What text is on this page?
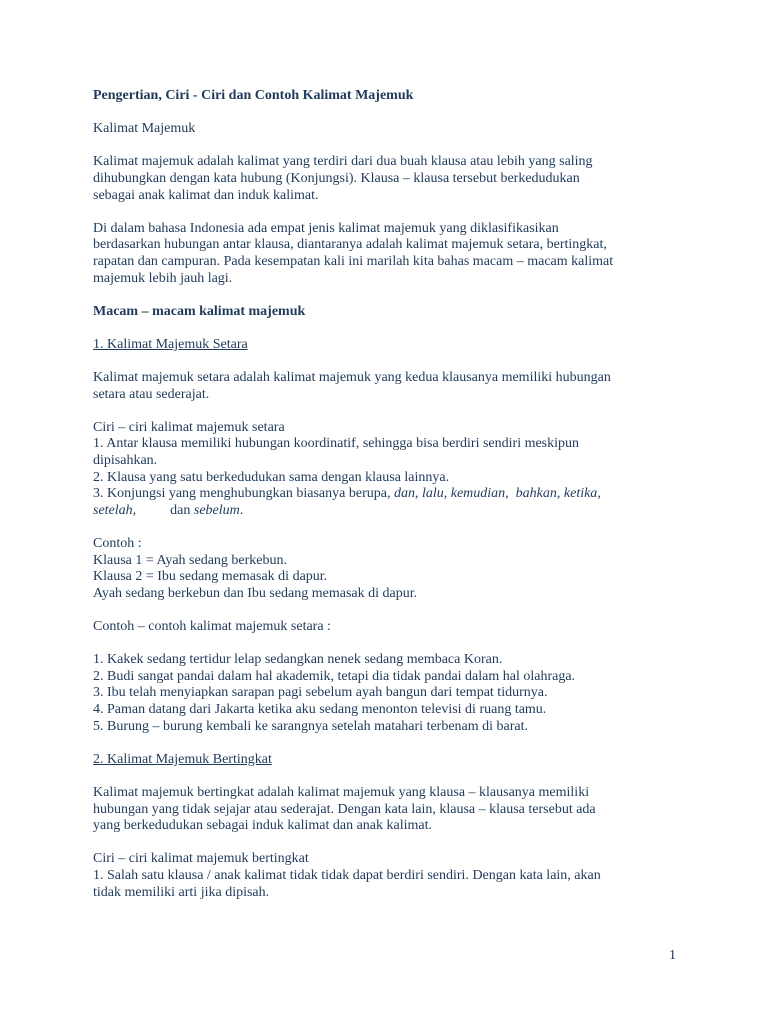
Pengertian, Ciri - Ciri dan Contoh Kalimat Majemuk

Kalimat Majemuk

Kalimat majemuk adalah kalimat yang terdiri dari dua buah klausa atau lebih yang saling

dihubungkan dengan kata hubung (Konjungsi). Klausa – klausa tersebut berkedudukan

sebagai anak kalimat dan induk kalimat.

Di dalam bahasa Indonesia ada empat jenis kalimat majemuk yang diklasifikasikan

berdasarkan hubungan antar klausa, diantaranya adalah kalimat majemuk setara, bertingkat,

rapatan dan campuran. Pada kesempatan kali ini marilah kita bahas macam – macam kalimat

majemuk lebih jauh lagi.

Macam – macam kalimat majemuk

1. Kalimat Majemuk Setara

Kalimat majemuk setara adalah kalimat majemuk yang kedua klausanya memiliki hubungan

setara atau sederajat.

Ciri – ciri kalimat majemuk setara

1. Antar klausa memiliki hubungan koordinatif, sehingga bisa berdiri sendiri meskipun

dipisahkan.

2. Klausa yang satu berkedudukan sama dengan klausa lainnya.

3. Konjungsi yang menghubungkan biasanya berupa, dan, lalu, kemudian,  bahkan, ketika,

setelah, dan sebelum.

Contoh :

Klausa 1 = Ayah sedang berkebun.

Klausa 2 = Ibu sedang memasak di dapur.

Ayah sedang berkebun dan Ibu sedang memasak di dapur.

Contoh – contoh kalimat majemuk setara :

1. Kakek sedang tertidur lelap sedangkan nenek sedang membaca Koran.

2. Budi sangat pandai dalam hal akademik, tetapi dia tidak pandai dalam hal olahraga.

3. Ibu telah menyiapkan sarapan pagi sebelum ayah bangun dari tempat tidurnya.

4. Paman datang dari Jakarta ketika aku sedang menonton televisi di ruang tamu.

5. Burung – burung kembali ke sarangnya setelah matahari terbenam di barat.

2. Kalimat Majemuk Bertingkat

Kalimat majemuk bertingkat adalah kalimat majemuk yang klausa – klausanya memiliki

hubungan yang tidak sejajar atau sederajat. Dengan kata lain, klausa – klausa tersebut ada

yang berkedudukan sebagai induk kalimat dan anak kalimat.

Ciri – ciri kalimat majemuk bertingkat

1. Salah satu klausa / anak kalimat tidak tidak dapat berdiri sendiri. Dengan kata lain, akan

tidak memiliki arti jika dipisah.

1
